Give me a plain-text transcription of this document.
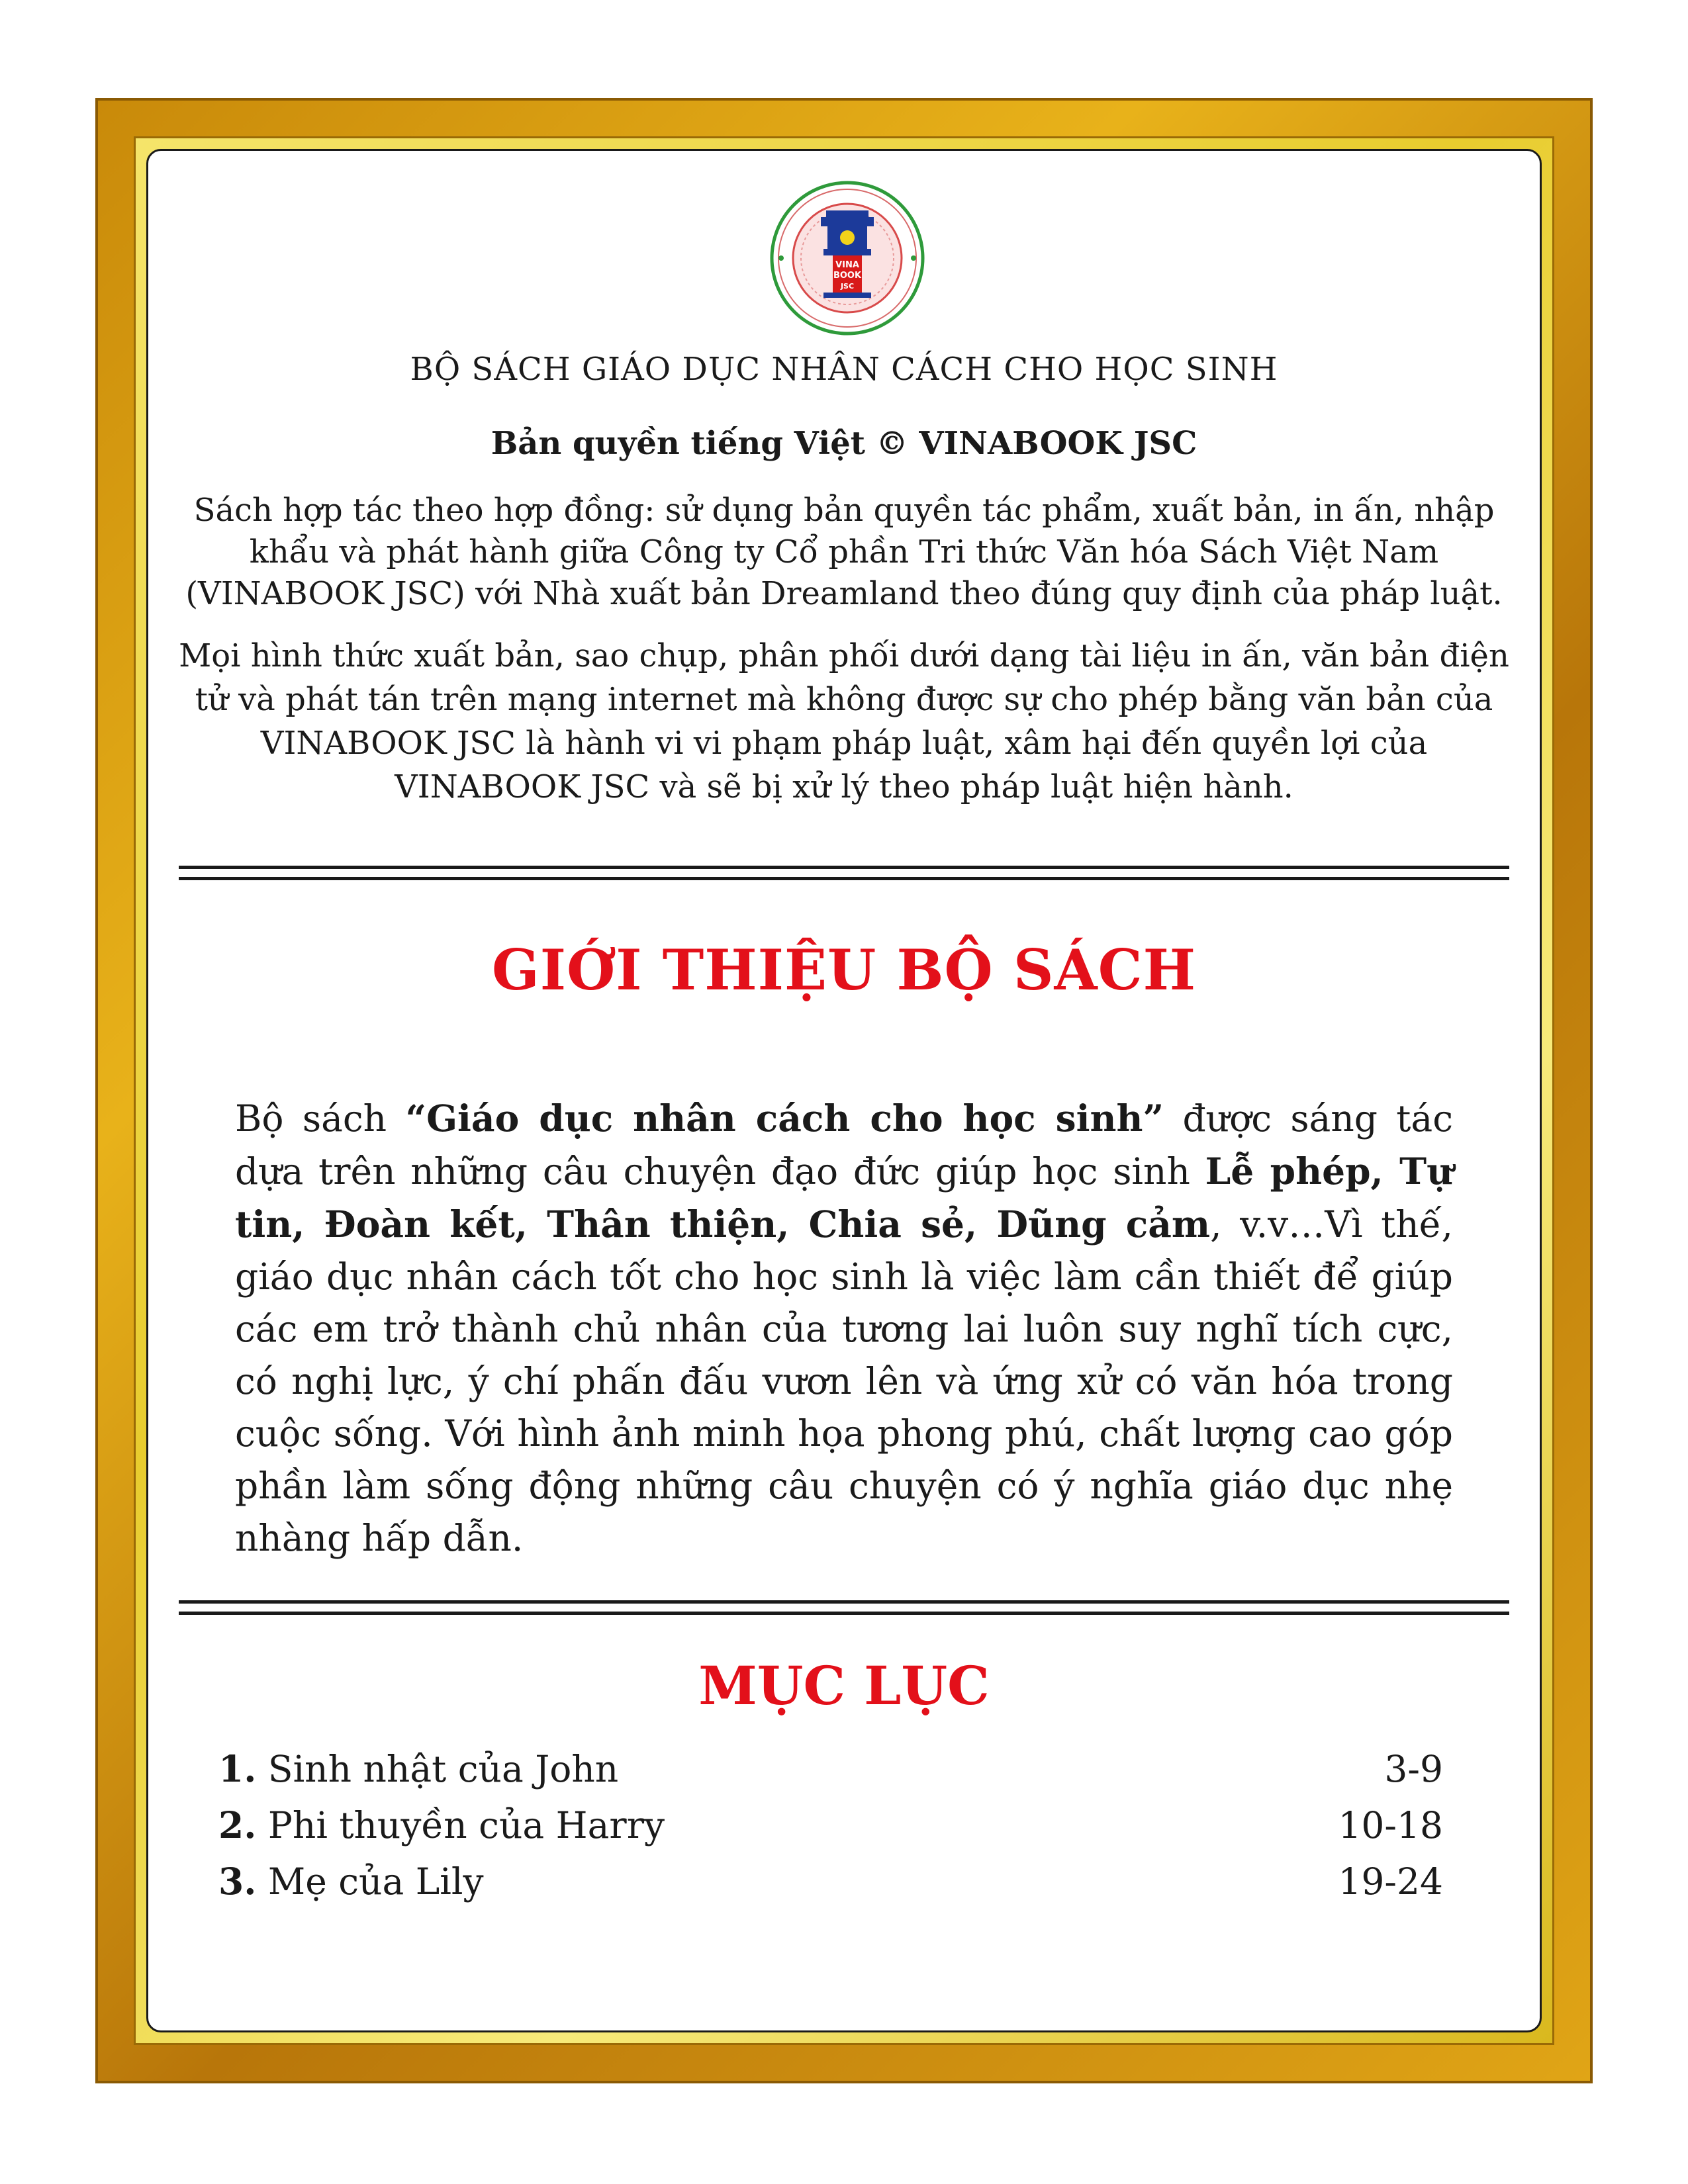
VINA
BOOK
JSC
BỘ SÁCH GIÁO DỤC NHÂN CÁCH CHO HỌC SINH
Bản quyền tiếng Việt © VINABOOK JSC
Sách hợp tác theo hợp đồng: sử dụng bản quyền tác phẩm, xuất bản, in ấn, nhập khẩu và phát hành giữa Công ty Cổ phần Tri thức Văn hóa Sách Việt Nam (VINABOOK JSC) với Nhà xuất bản Dreamland theo đúng quy định của pháp luật.
Mọi hình thức xuất bản, sao chụp, phân phối dưới dạng tài liệu in ấn, văn bản điện tử và phát tán trên mạng internet mà không được sự cho phép bằng văn bản của VINABOOK JSC là hành vi vi phạm pháp luật, xâm hại đến quyền lợi của VINABOOK JSC và sẽ bị xử lý theo pháp luật hiện hành.
GIỚI THIỆU BỘ SÁCH
Bộ sách “Giáo dục nhân cách cho học sinh” được sáng tác dựa trên những câu chuyện đạo đức giúp học sinh Lễ phép, Tự tin, Đoàn kết, Thân thiện, Chia sẻ, Dũng cảm, v.v…Vì thế, giáo dục nhân cách tốt cho học sinh là việc làm cần thiết để giúp các em trở thành chủ nhân của tương lai luôn suy nghĩ tích cực, có nghị lực, ý chí phấn đấu vươn lên và ứng xử có văn hóa trong cuộc sống. Với hình ảnh minh họa phong phú, chất lượng cao góp phần làm sống động những câu chuyện có ý nghĩa giáo dục nhẹ nhàng hấp dẫn.
MỤC LỤC
1. Sinh nhật của John	3-9
2. Phi thuyền của Harry	10-18
3. Mẹ của Lily	19-24
